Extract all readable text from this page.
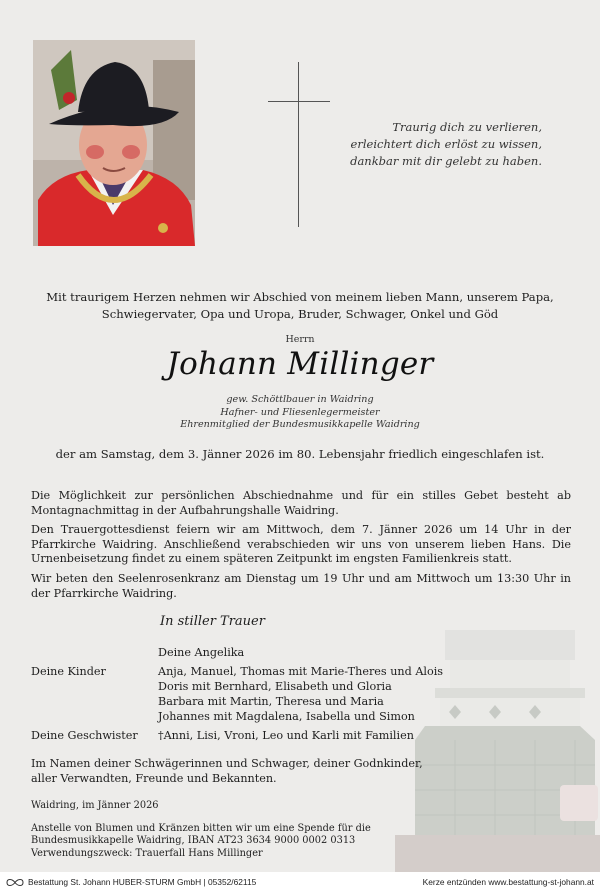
Traurig dich zu verlieren,
erleichtert dich erlöst zu wissen,
dankbar mit dir gelebt zu haben.
Mit traurigem Herzen nehmen wir Abschied von meinem lieben Mann, unserem Papa,
Schwiegervater, Opa und Uropa, Bruder, Schwager, Onkel und Göd
Herrn
Johann Millinger
gew. Schöttlbauer in Waidring
Hafner- und Fliesenlegermeister
Ehrenmitglied der Bundesmusikkapelle Waidring
der am Samstag, dem 3. Jänner 2026 im 80. Lebensjahr friedlich eingeschlafen ist.
Die Möglichkeit zur persönlichen Abschiednahme und für ein stilles Gebet besteht ab Montagnachmittag in der Aufbahrungshalle Waidring.
Den Trauergottesdienst feiern wir am Mittwoch, dem 7. Jänner 2026 um 14 Uhr in der Pfarrkirche Waidring. Anschließend verabschieden wir uns von unserem lieben Hans. Die Urnenbeisetzung findet zu einem späteren Zeitpunkt im engsten Familienkreis statt.
Wir beten den Seelenrosenkranz am Dienstag um 19 Uhr und am Mittwoch um 13:30 Uhr in der Pfarrkirche Waidring.
In stiller Trauer
Deine Angelika
Deine Kinder	Anja, Manuel, Thomas mit Marie-Theres und Alois
Doris mit Bernhard, Elisabeth und Gloria
Barbara mit Martin, Theresa und Maria
Johannes mit Magdalena, Isabella und Simon
Deine Geschwister †Anni, Lisi, Vroni, Leo und Karli mit Familien
Im Namen deiner Schwägerinnen und Schwager, deiner Godnkinder,
aller Verwandten, Freunde und Bekannten.
Waidring, im Jänner 2026
Anstelle von Blumen und Kränzen bitten wir um eine Spende für die
Bundesmusikkapelle Waidring, IBAN AT23 3634 9000 0002 0313
Verwendungszweck: Trauerfall Hans Millinger
Bestattung St. Johann HUBER-STURM GmbH | 05352/62115	Kerze entzünden www.bestattung-st-johann.at
